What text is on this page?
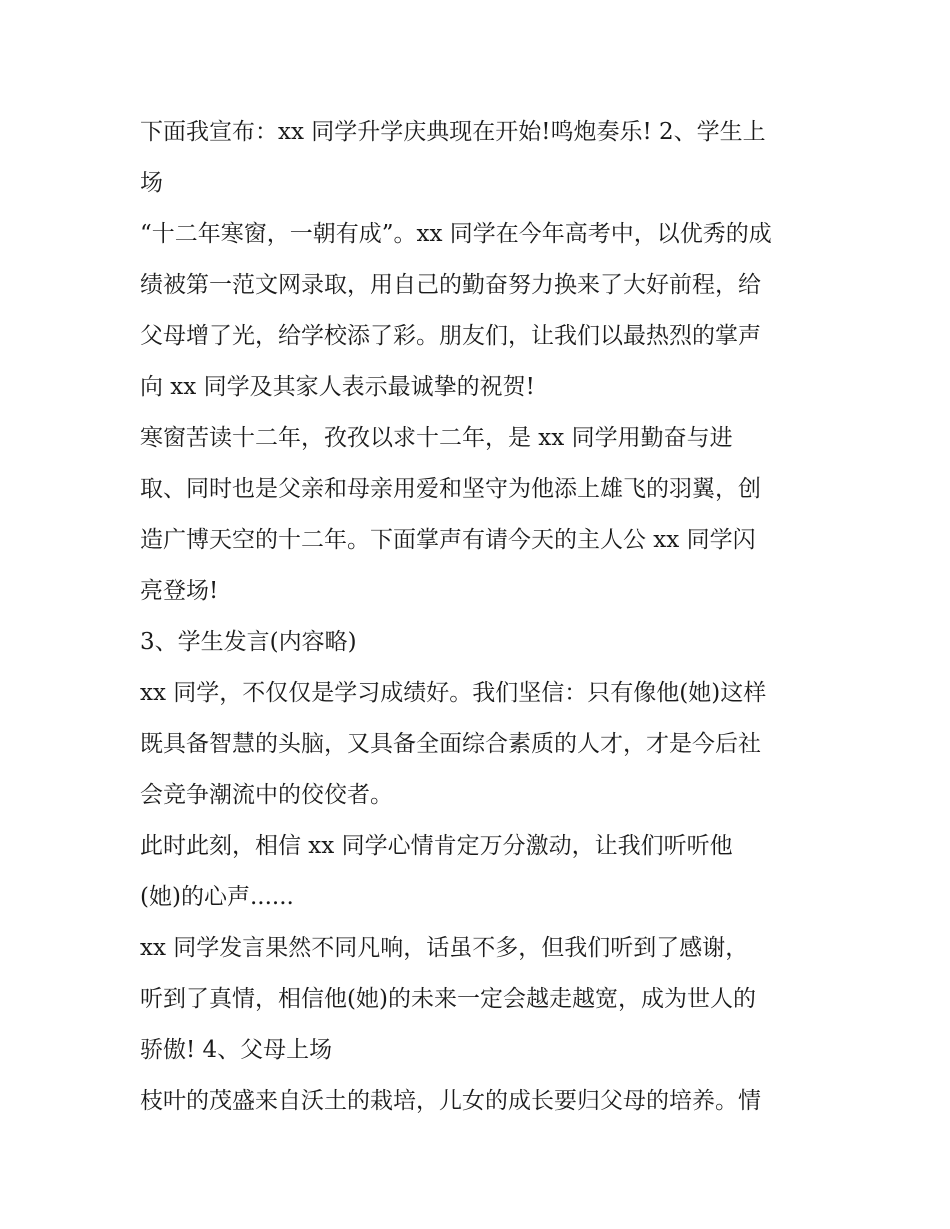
下面我宣布：xx 同学升学庆典现在开始!鸣炮奏乐! 2、学生上
场
“十二年寒窗，一朝有成”。xx 同学在今年高考中，以优秀的成
绩被第一范文网录取，用自己的勤奋努力换来了大好前程，给
父母增了光，给学校添了彩。朋友们，让我们以最热烈的掌声
向 xx 同学及其家人表示最诚挚的祝贺!
寒窗苦读十二年，孜孜以求十二年，是 xx 同学用勤奋与进
取、同时也是父亲和母亲用爱和坚守为他添上雄飞的羽翼，创
造广博天空的十二年。下面掌声有请今天的主人公 xx 同学闪
亮登场!
3、学生发言(内容略)
xx 同学，不仅仅是学习成绩好。我们坚信：只有像他(她)这样
既具备智慧的头脑，又具备全面综合素质的人才，才是今后社
会竞争潮流中的佼佼者。
此时此刻，相信 xx 同学心情肯定万分激动，让我们听听他
(她)的心声......
xx 同学发言果然不同凡响，话虽不多，但我们听到了感谢，
听到了真情，相信他(她)的未来一定会越走越宽，成为世人的
骄傲! 4、父母上场
枝叶的茂盛来自沃土的栽培，儿女的成长要归父母的培养。情
